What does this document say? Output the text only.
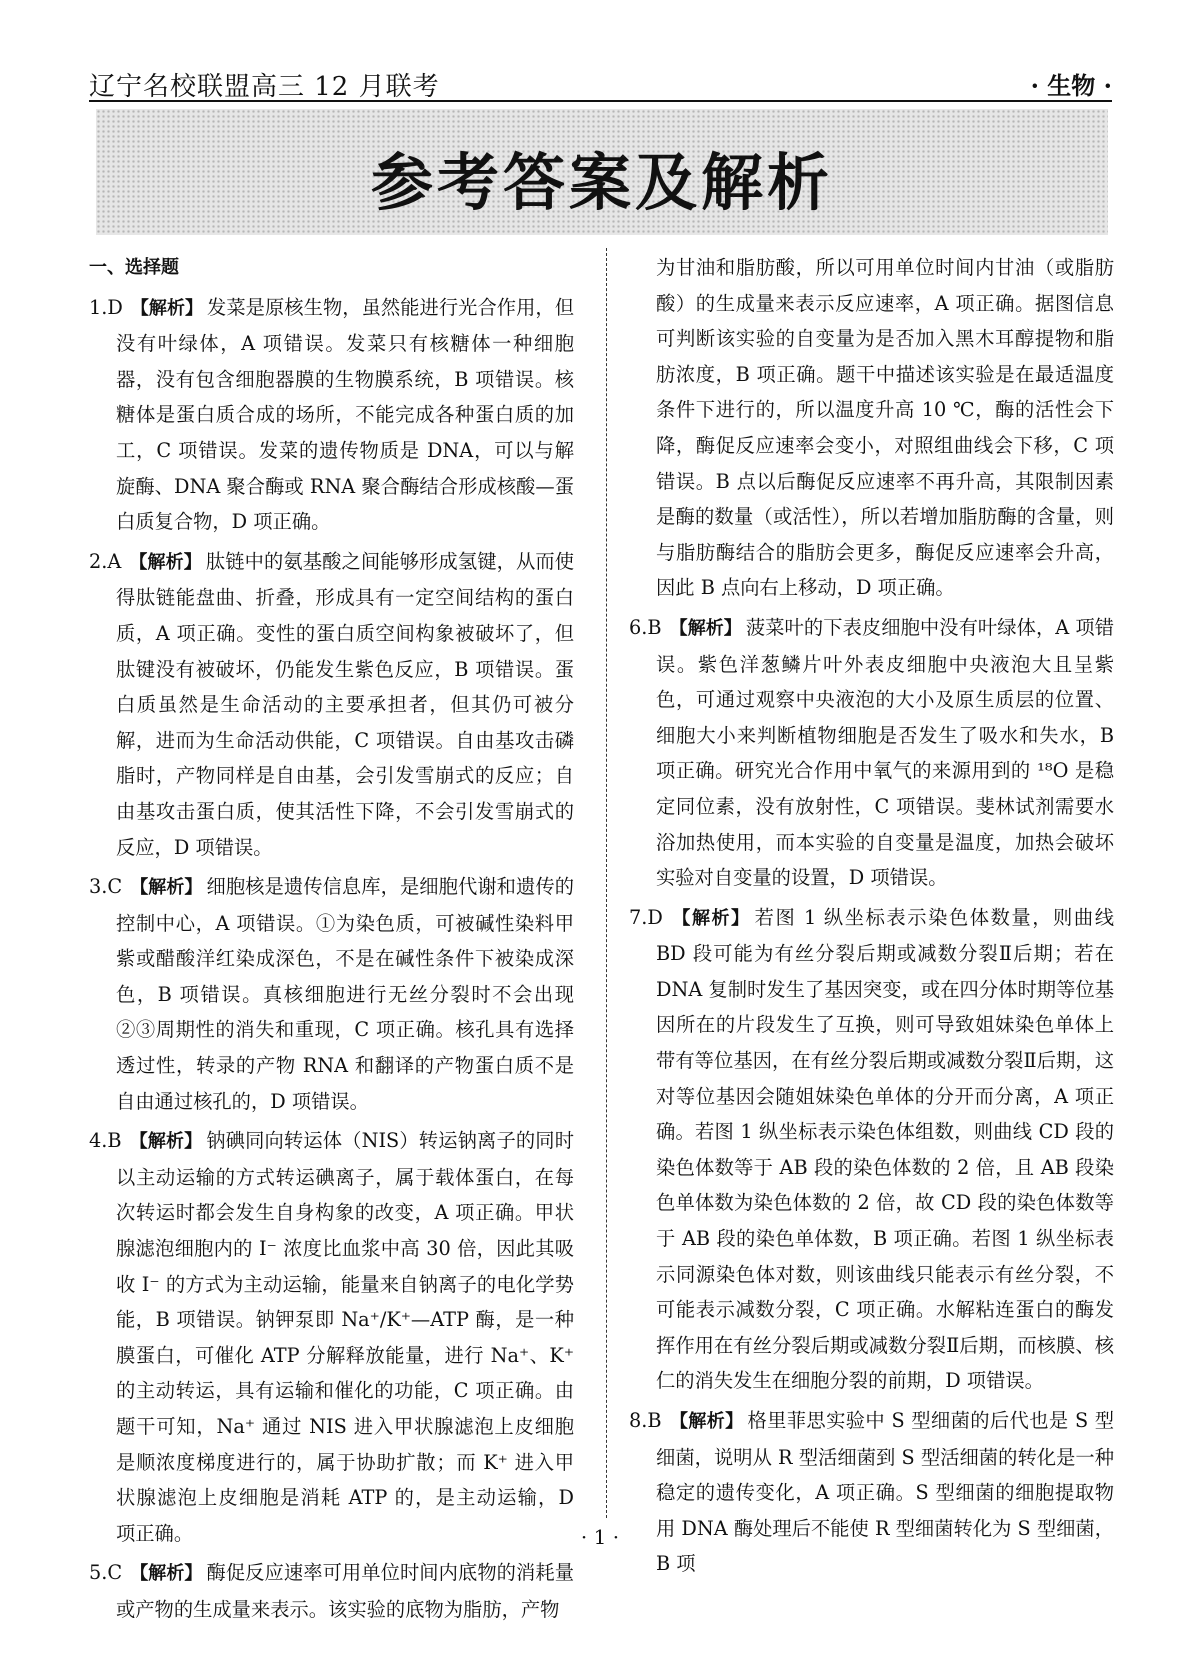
辽宁名校联盟高三 12 月联考	· 生物 ·
参考答案及解析
一、选择题
1.D 【解析】 发菜是原核生物，虽然能进行光合作用，但没有叶绿体，A 项错误。发菜只有核糖体一种细胞器，没有包含细胞器膜的生物膜系统，B 项错误。核糖体是蛋白质合成的场所，不能完成各种蛋白质的加工，C 项错误。发菜的遗传物质是 DNA，可以与解旋酶、DNA 聚合酶或 RNA 聚合酶结合形成核酸—蛋白质复合物，D 项正确。
2.A 【解析】 肽链中的氨基酸之间能够形成氢键，从而使得肽链能盘曲、折叠，形成具有一定空间结构的蛋白质，A 项正确。变性的蛋白质空间构象被破坏了，但肽键没有被破坏，仍能发生紫色反应，B 项错误。蛋白质虽然是生命活动的主要承担者，但其仍可被分解，进而为生命活动供能，C 项错误。自由基攻击磷脂时，产物同样是自由基，会引发雪崩式的反应；自由基攻击蛋白质，使其活性下降，不会引发雪崩式的反应，D 项错误。
3.C 【解析】 细胞核是遗传信息库，是细胞代谢和遗传的控制中心，A 项错误。①为染色质，可被碱性染料甲紫或醋酸洋红染成深色，不是在碱性条件下被染成深色，B 项错误。真核细胞进行无丝分裂时不会出现②③周期性的消失和重现，C 项正确。核孔具有选择透过性，转录的产物 RNA 和翻译的产物蛋白质不是自由通过核孔的，D 项错误。
4.B 【解析】 钠碘同向转运体（NIS）转运钠离子的同时以主动运输的方式转运碘离子，属于载体蛋白，在每次转运时都会发生自身构象的改变，A 项正确。甲状腺滤泡细胞内的 I⁻ 浓度比血浆中高 30 倍，因此其吸收 I⁻ 的方式为主动运输，能量来自钠离子的电化学势能，B 项错误。钠钾泵即 Na⁺/K⁺—ATP 酶，是一种膜蛋白，可催化 ATP 分解释放能量，进行 Na⁺、K⁺ 的主动转运，具有运输和催化的功能，C 项正确。由题干可知，Na⁺ 通过 NIS 进入甲状腺滤泡上皮细胞是顺浓度梯度进行的，属于协助扩散；而 K⁺ 进入甲状腺滤泡上皮细胞是消耗 ATP 的，是主动运输，D 项正确。
5.C 【解析】 酶促反应速率可用单位时间内底物的消耗量或产物的生成量来表示。该实验的底物为脂肪，产物
为甘油和脂肪酸，所以可用单位时间内甘油（或脂肪酸）的生成量来表示反应速率，A 项正确。据图信息可判断该实验的自变量为是否加入黑木耳醇提物和脂肪浓度，B 项正确。题干中描述该实验是在最适温度条件下进行的，所以温度升高 10 ℃，酶的活性会下降，酶促反应速率会变小，对照组曲线会下移，C 项错误。B 点以后酶促反应速率不再升高，其限制因素是酶的数量（或活性），所以若增加脂肪酶的含量，则与脂肪酶结合的脂肪会更多，酶促反应速率会升高，因此 B 点向右上移动，D 项正确。
6.B 【解析】 菠菜叶的下表皮细胞中没有叶绿体，A 项错误。紫色洋葱鳞片叶外表皮细胞中央液泡大且呈紫色，可通过观察中央液泡的大小及原生质层的位置、细胞大小来判断植物细胞是否发生了吸水和失水，B 项正确。研究光合作用中氧气的来源用到的 ¹⁸O 是稳定同位素，没有放射性，C 项错误。斐林试剂需要水浴加热使用，而本实验的自变量是温度，加热会破坏实验对自变量的设置，D 项错误。
7.D 【解析】 若图 1 纵坐标表示染色体数量，则曲线 BD 段可能为有丝分裂后期或减数分裂Ⅱ后期；若在 DNA 复制时发生了基因突变，或在四分体时期等位基因所在的片段发生了互换，则可导致姐妹染色单体上带有等位基因，在有丝分裂后期或减数分裂Ⅱ后期，这对等位基因会随姐妹染色单体的分开而分离，A 项正确。若图 1 纵坐标表示染色体组数，则曲线 CD 段的染色体数等于 AB 段的染色体数的 2 倍，且 AB 段染色单体数为染色体数的 2 倍，故 CD 段的染色体数等于 AB 段的染色单体数，B 项正确。若图 1 纵坐标表示同源染色体对数，则该曲线只能表示有丝分裂，不可能表示减数分裂，C 项正确。水解粘连蛋白的酶发挥作用在有丝分裂后期或减数分裂Ⅱ后期，而核膜、核仁的消失发生在细胞分裂的前期，D 项错误。
8.B 【解析】 格里菲思实验中 S 型细菌的后代也是 S 型细菌，说明从 R 型活细菌到 S 型活细菌的转化是一种稳定的遗传变化，A 项正确。S 型细菌的细胞提取物用 DNA 酶处理后不能使 R 型细菌转化为 S 型细菌，B 项
· 1 ·
